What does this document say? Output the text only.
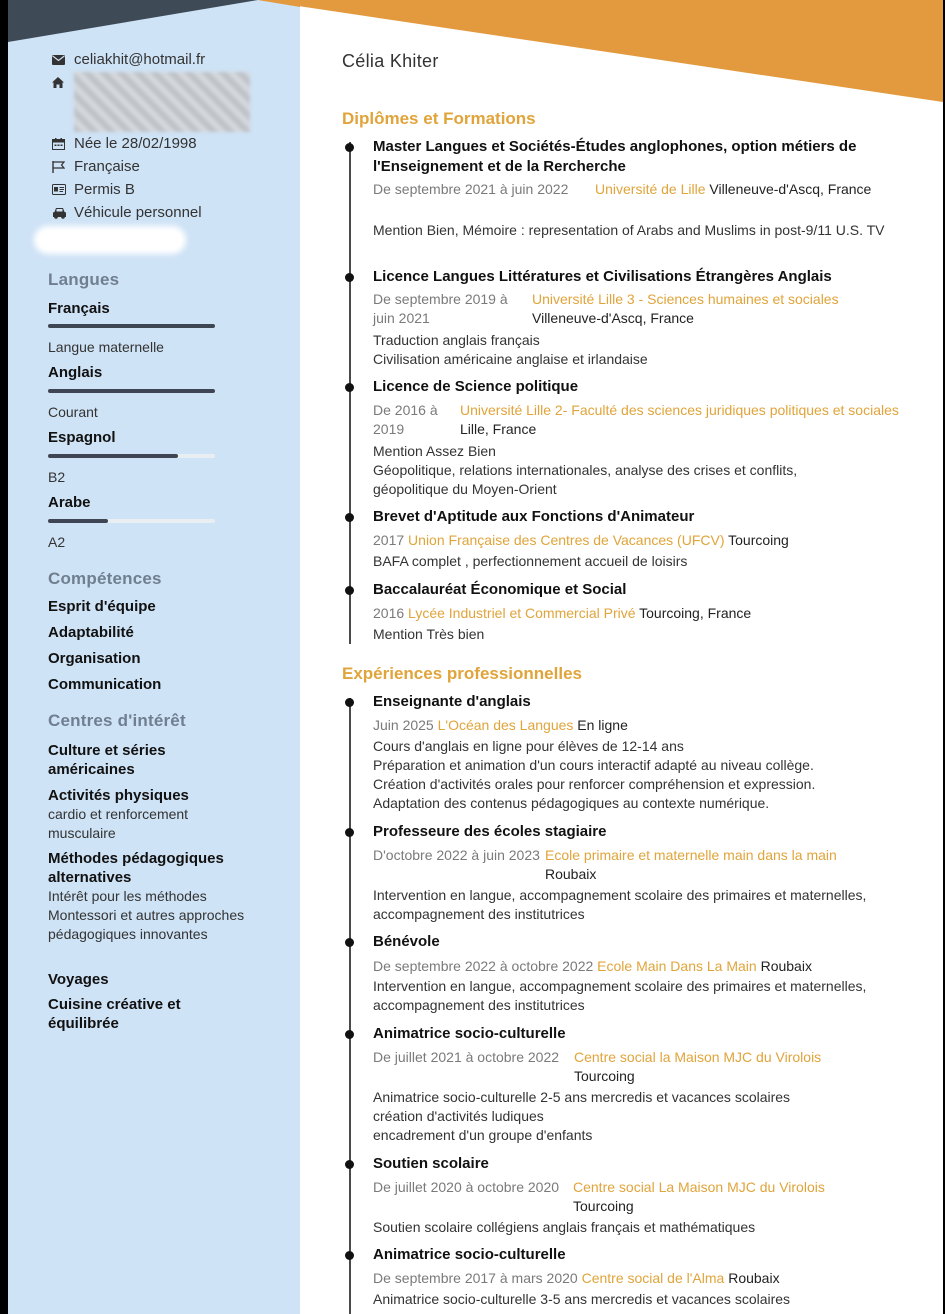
celiakhit@hotmail.fr
Née le 28/02/1998
Française
Permis B
Véhicule personnel
Langues
Français
Langue maternelle
Anglais
Courant
Espagnol
B2
Arabe
A2
Compétences
Esprit d'équipe
Adaptabilité
Organisation
Communication
Centres d'intérêt
Culture et séries américaines
Activités physiques
cardio et renforcement musculaire
Méthodes pédagogiques alternatives
Intérêt pour les méthodes Montessori et autres approches pédagogiques innovantes
Voyages
Cuisine créative et équilibrée
Célia Khiter
Diplômes et Formations
Master Langues et Sociétés-Études anglophones, option métiers de l'Enseignement et de la Rercherche
De septembre 2021 à juin 2022	Université de Lille Villeneuve-d'Ascq, France
Mention Bien, Mémoire : representation of Arabs and Muslims in post-9/11 U.S. TV
Licence Langues Littératures et Civilisations Étrangères Anglais
De septembre 2019 à juin 2021
Université Lille 3 - Sciences humaines et sociales
Villeneuve-d'Ascq, France
Traduction anglais français
Civilisation américaine anglaise et irlandaise
Licence de Science politique
De 2016 à 2019
Université Lille 2- Faculté des sciences juridiques politiques et sociales Lille, France
Mention Assez Bien
Géopolitique, relations internationales, analyse des crises et conflits, géopolitique du Moyen-Orient
Brevet d'Aptitude aux Fonctions d'Animateur
2017 Union Française des Centres de Vacances (UFCV) Tourcoing
BAFA complet , perfectionnement accueil de loisirs
Baccalauréat Économique et Social
2016 Lycée Industriel et Commercial Privé Tourcoing, France
Mention Très bien
Expériences professionnelles
Enseignante d'anglais
Juin 2025 L'Océan des Langues En ligne
Cours d'anglais en ligne pour élèves de 12-14 ans
Préparation et animation d'un cours interactif adapté au niveau collège.
Création d'activités orales pour renforcer compréhension et expression.
Adaptation des contenus pédagogiques au contexte numérique.
Professeure des écoles stagiaire
D'octobre 2022 à juin 2023 Ecole primaire et maternelle main dans la main
Roubaix
Intervention en langue, accompagnement scolaire des primaires et maternelles, accompagnement des institutrices
Bénévole
De septembre 2022 à octobre 2022 Ecole Main Dans La Main Roubaix
Intervention en langue, accompagnement scolaire des primaires et maternelles, accompagnement des institutrices
Animatrice socio-culturelle
De juillet 2021 à octobre 2022 Centre social la Maison MJC du Virolois
Tourcoing
Animatrice socio-culturelle 2-5 ans mercredis et vacances scolaires
création d'activités ludiques
encadrement d'un groupe d'enfants
Soutien scolaire
De juillet 2020 à octobre 2020 Centre social La Maison MJC du Virolois
Tourcoing
Soutien scolaire collégiens anglais français et mathématiques
Animatrice socio-culturelle
De septembre 2017 à mars 2020 Centre social de l'Alma Roubaix
Animatrice socio-culturelle 3-5 ans mercredis et vacances scolaires
